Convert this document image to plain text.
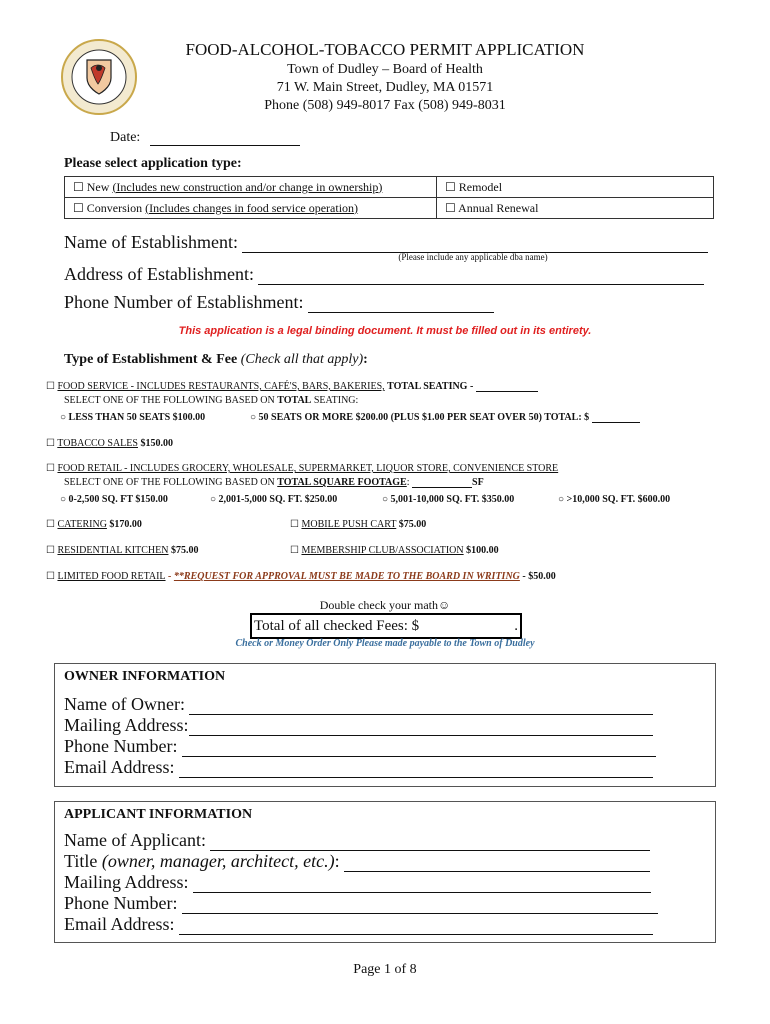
FOOD-ALCOHOL-TOBACCO PERMIT APPLICATION
Town of Dudley – Board of Health
71 W. Main Street, Dudley, MA 01571
Phone (508) 949-8017 Fax (508) 949-8031
Date:
Please select application type:
☐ New (Includes new construction and/or change in ownership)	☐ Remodel
☐ Conversion (Includes changes in food service operation)	☐ Annual Renewal
Name of Establishment:
(Please include any applicable dba name)
Address of Establishment:
Phone Number of Establishment:
This application is a legal binding document. It must be filled out in its entirety.
Type of Establishment & Fee (Check all that apply):
☐ FOOD SERVICE - INCLUDES RESTAURANTS, CAFÉ'S, BARS, BAKERIES, TOTAL SEATING -
SELECT ONE OF THE FOLLOWING BASED ON TOTAL SEATING:
○ LESS THAN 50 SEATS $100.00	○ 50 SEATS OR MORE $200.00 (PLUS $1.00 PER SEAT OVER 50) TOTAL: $
☐ TOBACCO SALES $150.00
☐ FOOD RETAIL - INCLUDES GROCERY, WHOLESALE, SUPERMARKET, LIQUOR STORE, CONVENIENCE STORE
SELECT ONE OF THE FOLLOWING BASED ON TOTAL SQUARE FOOTAGE:	SF
○ 0-2,500 SQ. FT $150.00	○ 2,001-5,000 SQ. FT. $250.00	○ 5,001-10,000 SQ. FT. $350.00	○ >10,000 SQ. FT. $600.00
☐ CATERING $170.00	☐ MOBILE PUSH CART $75.00
☐ RESIDENTIAL KITCHEN $75.00	☐ MEMBERSHIP CLUB/ASSOCIATION $100.00
☐ LIMITED FOOD RETAIL - **REQUEST FOR APPROVAL MUST BE MADE TO THE BOARD IN WRITING - $50.00
Double check your math☺
Total of all checked Fees: $	.
Check or Money Order Only Please made payable to the Town of Dudley
OWNER INFORMATION
Name of Owner:
Mailing Address:
Phone Number:
Email Address:
APPLICANT INFORMATION
Name of Applicant:
Title (owner, manager, architect, etc.):
Mailing Address:
Phone Number:
Email Address:
Page 1 of 8
